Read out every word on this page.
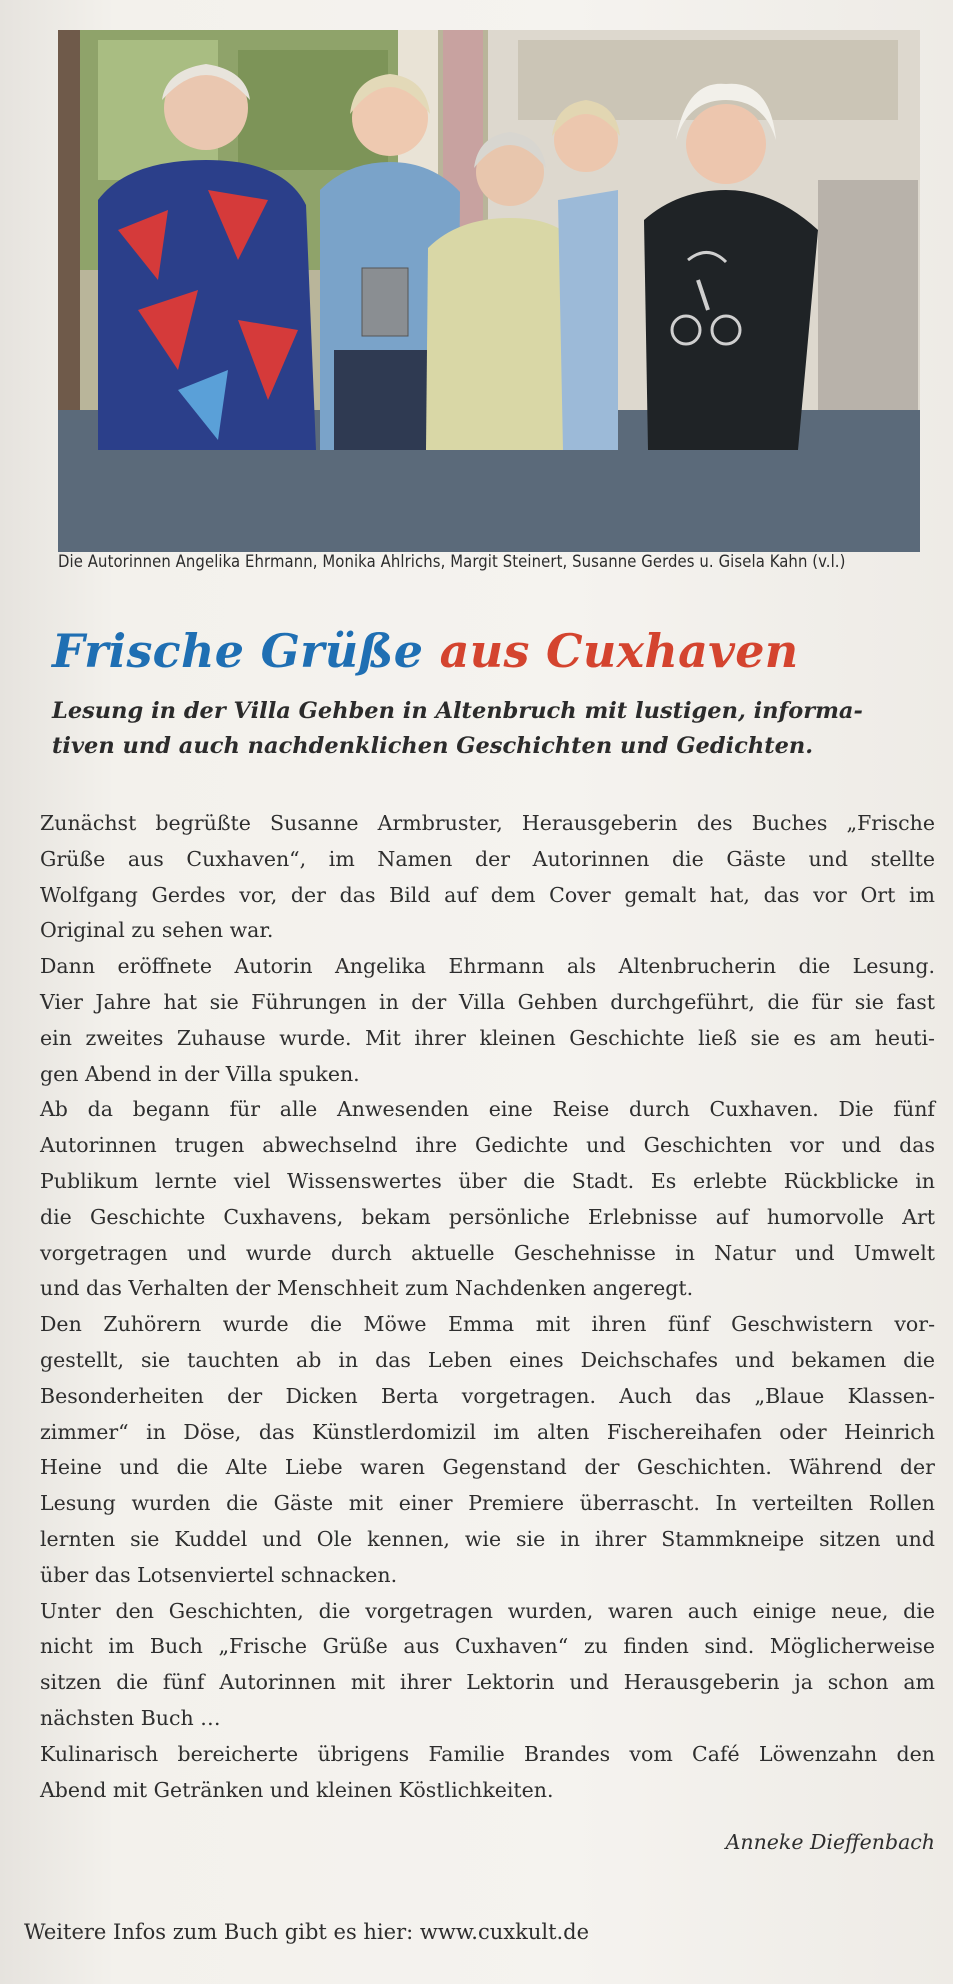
Die Autorinnen Angelika Ehrmann, Monika Ahlrichs, Margit Steinert, Susanne Gerdes u. Gisela Kahn (v.l.)
Frische Grüße aus Cuxhaven
Lesung in der Villa Gehben in Altenbruch mit lustigen, informa-
tiven und auch nachdenklichen Geschichten und Gedichten.
Zunächst begrüßte Susanne Armbruster, Herausgeberin des Buches „Frische
Grüße aus Cuxhaven“, im Namen der Autorinnen die Gäste und stellte
Wolfgang Gerdes vor, der das Bild auf dem Cover gemalt hat, das vor Ort im
Original zu sehen war.
Dann eröffnete Autorin Angelika Ehrmann als Altenbrucherin die Lesung.
Vier Jahre hat sie Führungen in der Villa Gehben durchgeführt, die für sie fast
ein zweites Zuhause wurde. Mit ihrer kleinen Geschichte ließ sie es am heuti-
gen Abend in der Villa spuken.
Ab da begann für alle Anwesenden eine Reise durch Cuxhaven. Die fünf
Autorinnen trugen abwechselnd ihre Gedichte und Geschichten vor und das
Publikum lernte viel Wissenswertes über die Stadt. Es erlebte Rückblicke in
die Geschichte Cuxhavens, bekam persönliche Erlebnisse auf humorvolle Art
vorgetragen und wurde durch aktuelle Geschehnisse in Natur und Umwelt
und das Verhalten der Menschheit zum Nachdenken angeregt.
Den Zuhörern wurde die Möwe Emma mit ihren fünf Geschwistern vor-
gestellt, sie tauchten ab in das Leben eines Deichschafes und bekamen die
Besonderheiten der Dicken Berta vorgetragen. Auch das „Blaue Klassen-
zimmer“ in Döse, das Künstlerdomizil im alten Fischereihafen oder Heinrich
Heine und die Alte Liebe waren Gegenstand der Geschichten. Während der
Lesung wurden die Gäste mit einer Premiere überrascht. In verteilten Rollen
lernten sie Kuddel und Ole kennen, wie sie in ihrer Stammkneipe sitzen und
über das Lotsenviertel schnacken.
Unter den Geschichten, die vorgetragen wurden, waren auch einige neue, die
nicht im Buch „Frische Grüße aus Cuxhaven“ zu finden sind. Möglicherweise
sitzen die fünf Autorinnen mit ihrer Lektorin und Herausgeberin ja schon am
nächsten Buch …
Kulinarisch bereicherte übrigens Familie Brandes vom Café Löwenzahn den
Abend mit Getränken und kleinen Köstlichkeiten.
Anneke Dieffenbach
Weitere Infos zum Buch gibt es hier: www.cuxkult.de
